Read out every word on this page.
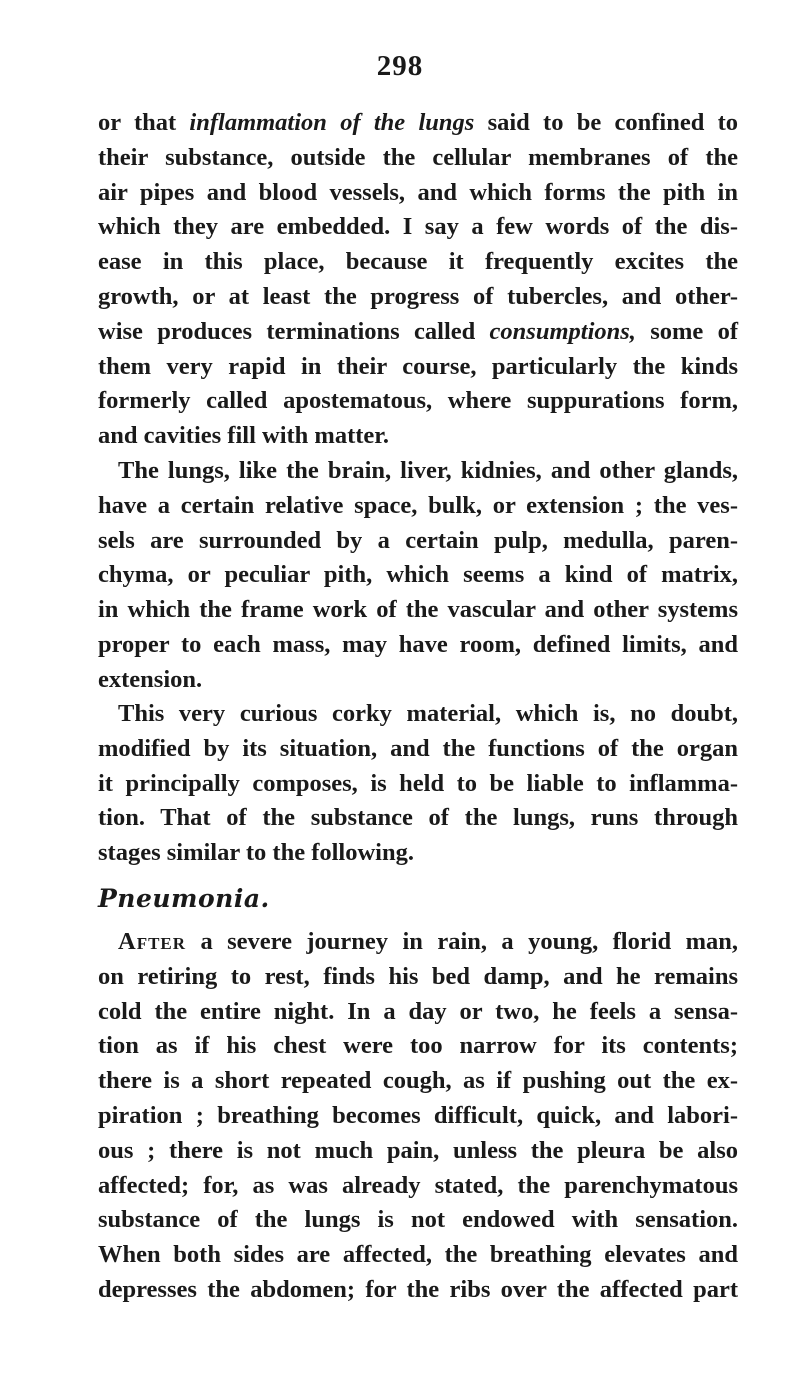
298
or that inflammation of the lungs said to be confined to
their substance, outside the cellular membranes of the
air pipes and blood vessels, and which forms the pith in
which they are embedded. I say a few words of the dis-
ease in this place, because it frequently excites the
growth, or at least the progress of tubercles, and other-
wise produces terminations called consumptions, some of
them very rapid in their course, particularly the kinds
formerly called apostematous, where suppurations form,
and cavities fill with matter.
The lungs, like the brain, liver, kidnies, and other glands,
have a certain relative space, bulk, or extension ; the ves-
sels are surrounded by a certain pulp, medulla, paren-
chyma, or peculiar pith, which seems a kind of matrix,
in which the frame work of the vascular and other systems
proper to each mass, may have room, defined limits, and
extension.
This very curious corky material, which is, no doubt,
modified by its situation, and the functions of the organ
it principally composes, is held to be liable to inflamma-
tion. That of the substance of the lungs, runs through
stages similar to the following.
Pneumonia.
After a severe journey in rain, a young, florid man,
on retiring to rest, finds his bed damp, and he remains
cold the entire night. In a day or two, he feels a sensa-
tion as if his chest were too narrow for its contents;
there is a short repeated cough, as if pushing out the ex-
piration ; breathing becomes difficult, quick, and labori-
ous ; there is not much pain, unless the pleura be also
affected; for, as was already stated, the parenchymatous
substance of the lungs is not endowed with sensation.
When both sides are affected, the breathing elevates and
depresses the abdomen; for the ribs over the affected part
